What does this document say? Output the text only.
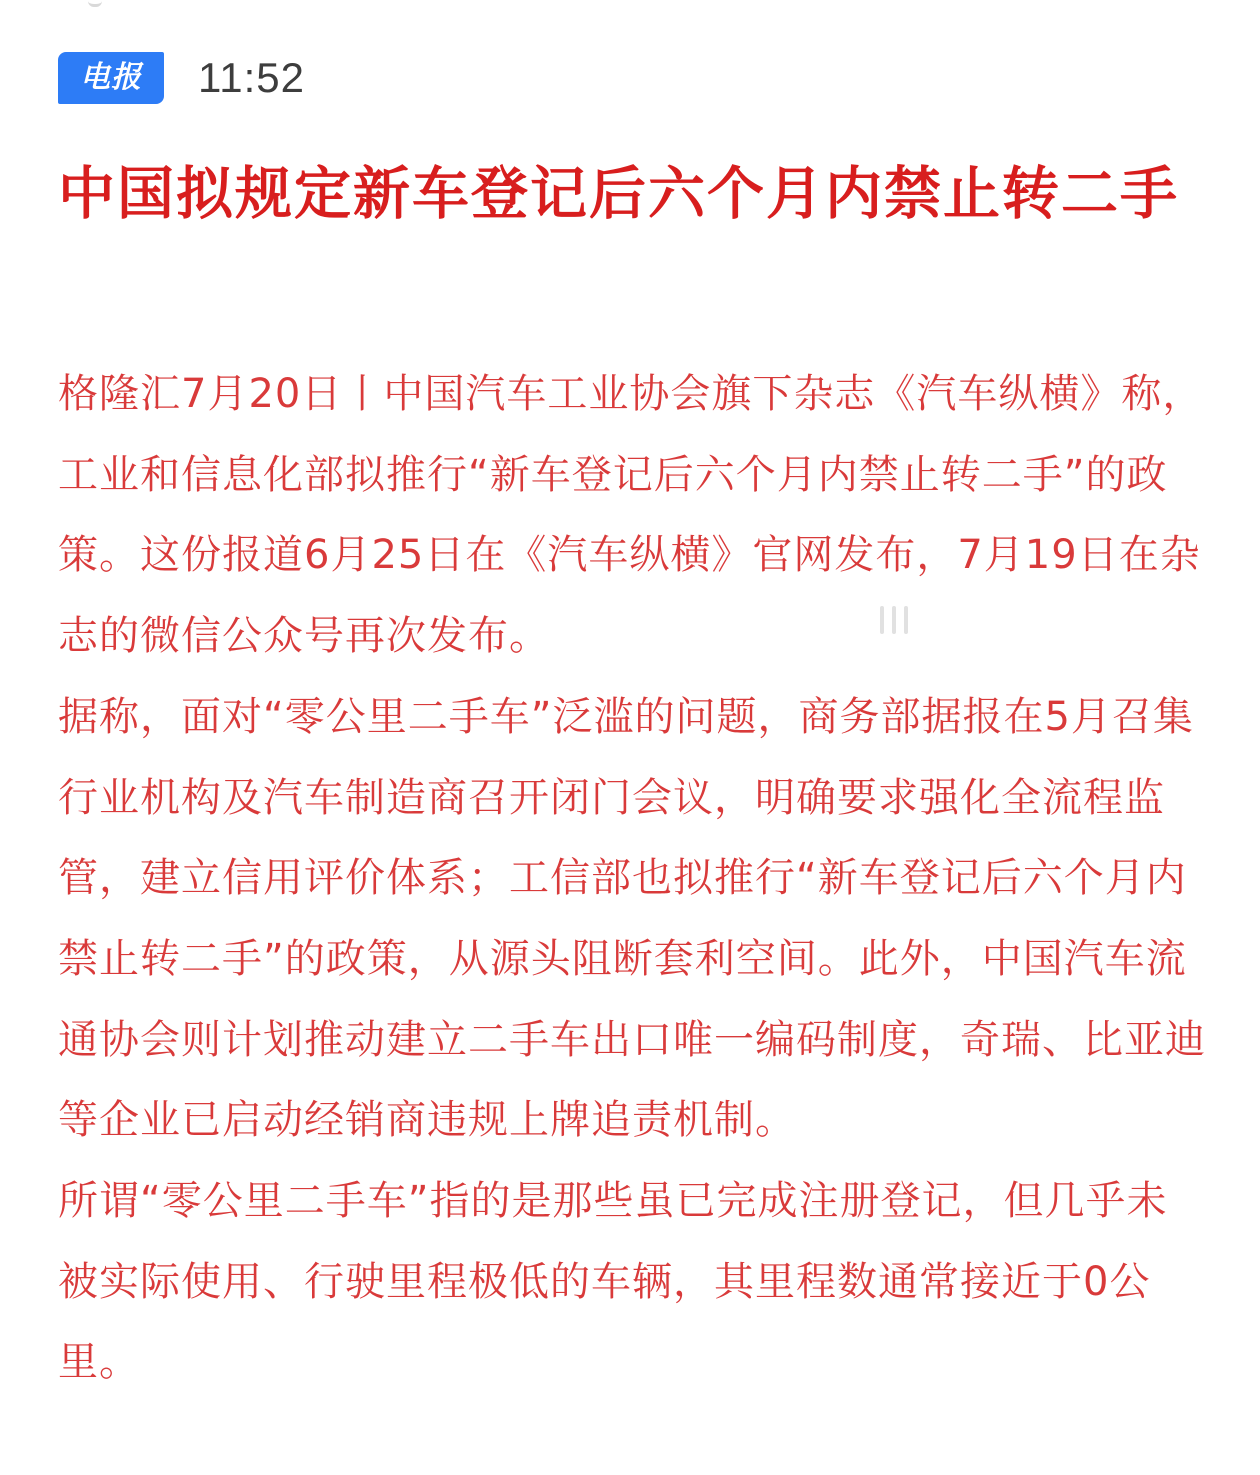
电报	11:52
中国拟规定新车登记后六个月内禁止转二手

格隆汇7月20日丨中国汽车工业协会旗下杂志《汽车纵横》称，工业和信息化部拟推行“新车登记后六个月内禁止转二手”的政策。这份报道6月25日在《汽车纵横》官网发布，7月19日在杂志的微信公众号再次发布。

据称，面对“零公里二手车”泛滥的问题，商务部据报在5月召集行业机构及汽车制造商召开闭门会议，明确要求强化全流程监管，建立信用评价体系；工信部也拟推行“新车登记后六个月内禁止转二手”的政策，从源头阻断套利空间。此外，中国汽车流通协会则计划推动建立二手车出口唯一编码制度，奇瑞、比亚迪等企业已启动经销商违规上牌追责机制。

所谓“零公里二手车”指的是那些虽已完成注册登记，但几乎未被实际使用、行驶里程极低的车辆，其里程数通常接近于0公里。
